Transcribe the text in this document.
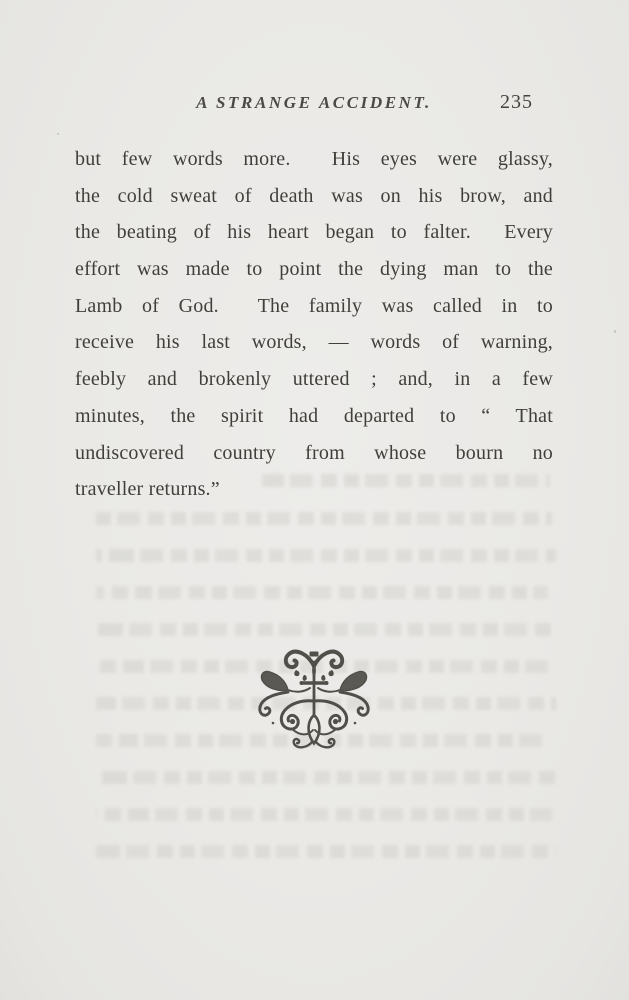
A STRANGE ACCIDENT.	235
but few words more.  His eyes were glassy,
the cold sweat of death was on his brow, and
the beating of his heart began to falter.  Every
effort was made to point the dying man to the
Lamb of God.  The family was called in to
receive his last words, — words of warning,
feebly and brokenly uttered ; and, in a few
minutes, the spirit had departed to “ That
undiscovered country from whose bourn no
traveller returns.”
